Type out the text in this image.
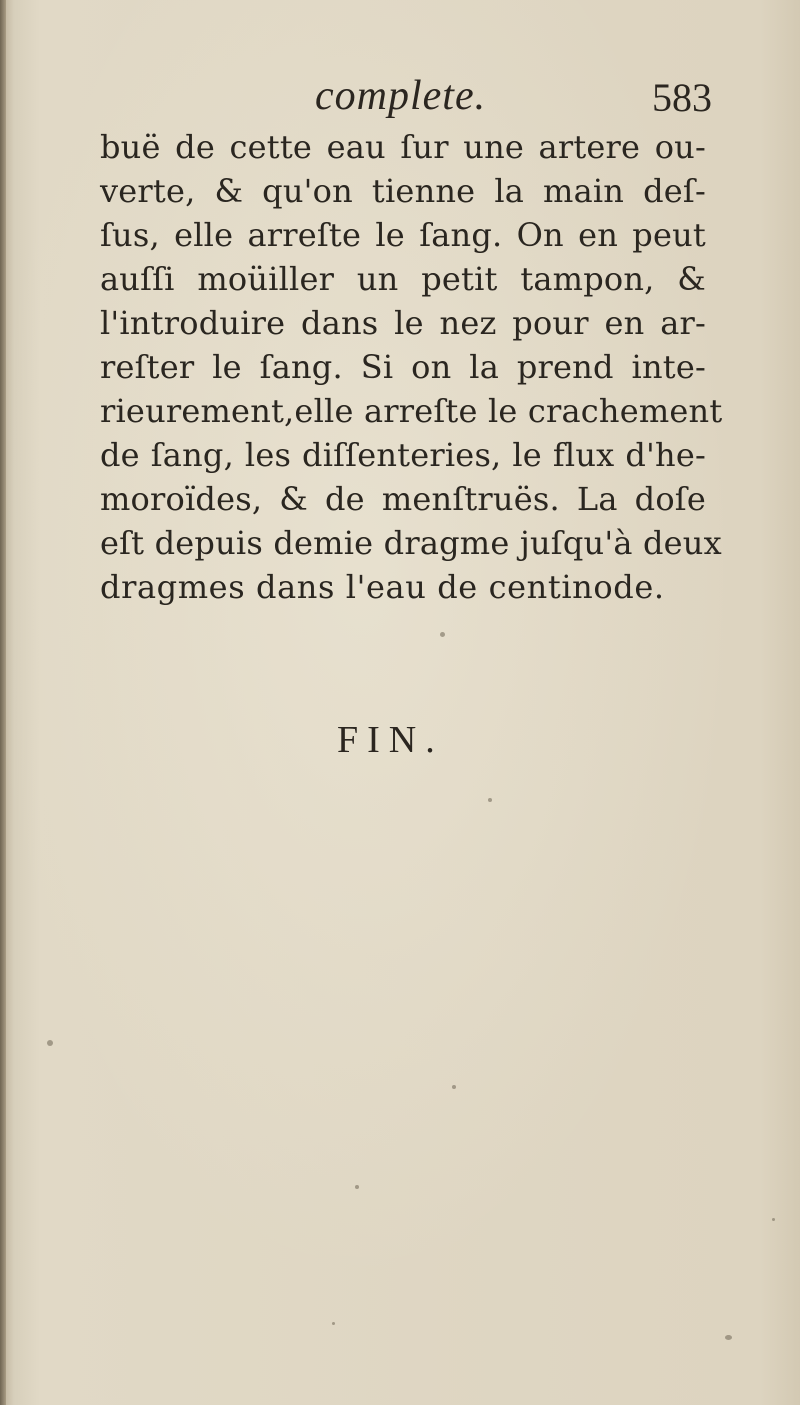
complete.	583
buë de cette eau ſur une artere ou-
verte, & qu'on tienne la main deſ-
ſus, elle arreſte le ſang. On en peut
auſſi moüiller un petit tampon, &
l'introduire dans le nez pour en ar-
reſter le ſang. Si on la prend inte-
rieurement,elle arreſte le crachement
de ſang, les diſſenteries, le flux d'he-
moroïdes, & de menſtruës. La doſe
eſt depuis demie dragme juſqu'à deux
dragmes dans l'eau de centinode.
FIN.
